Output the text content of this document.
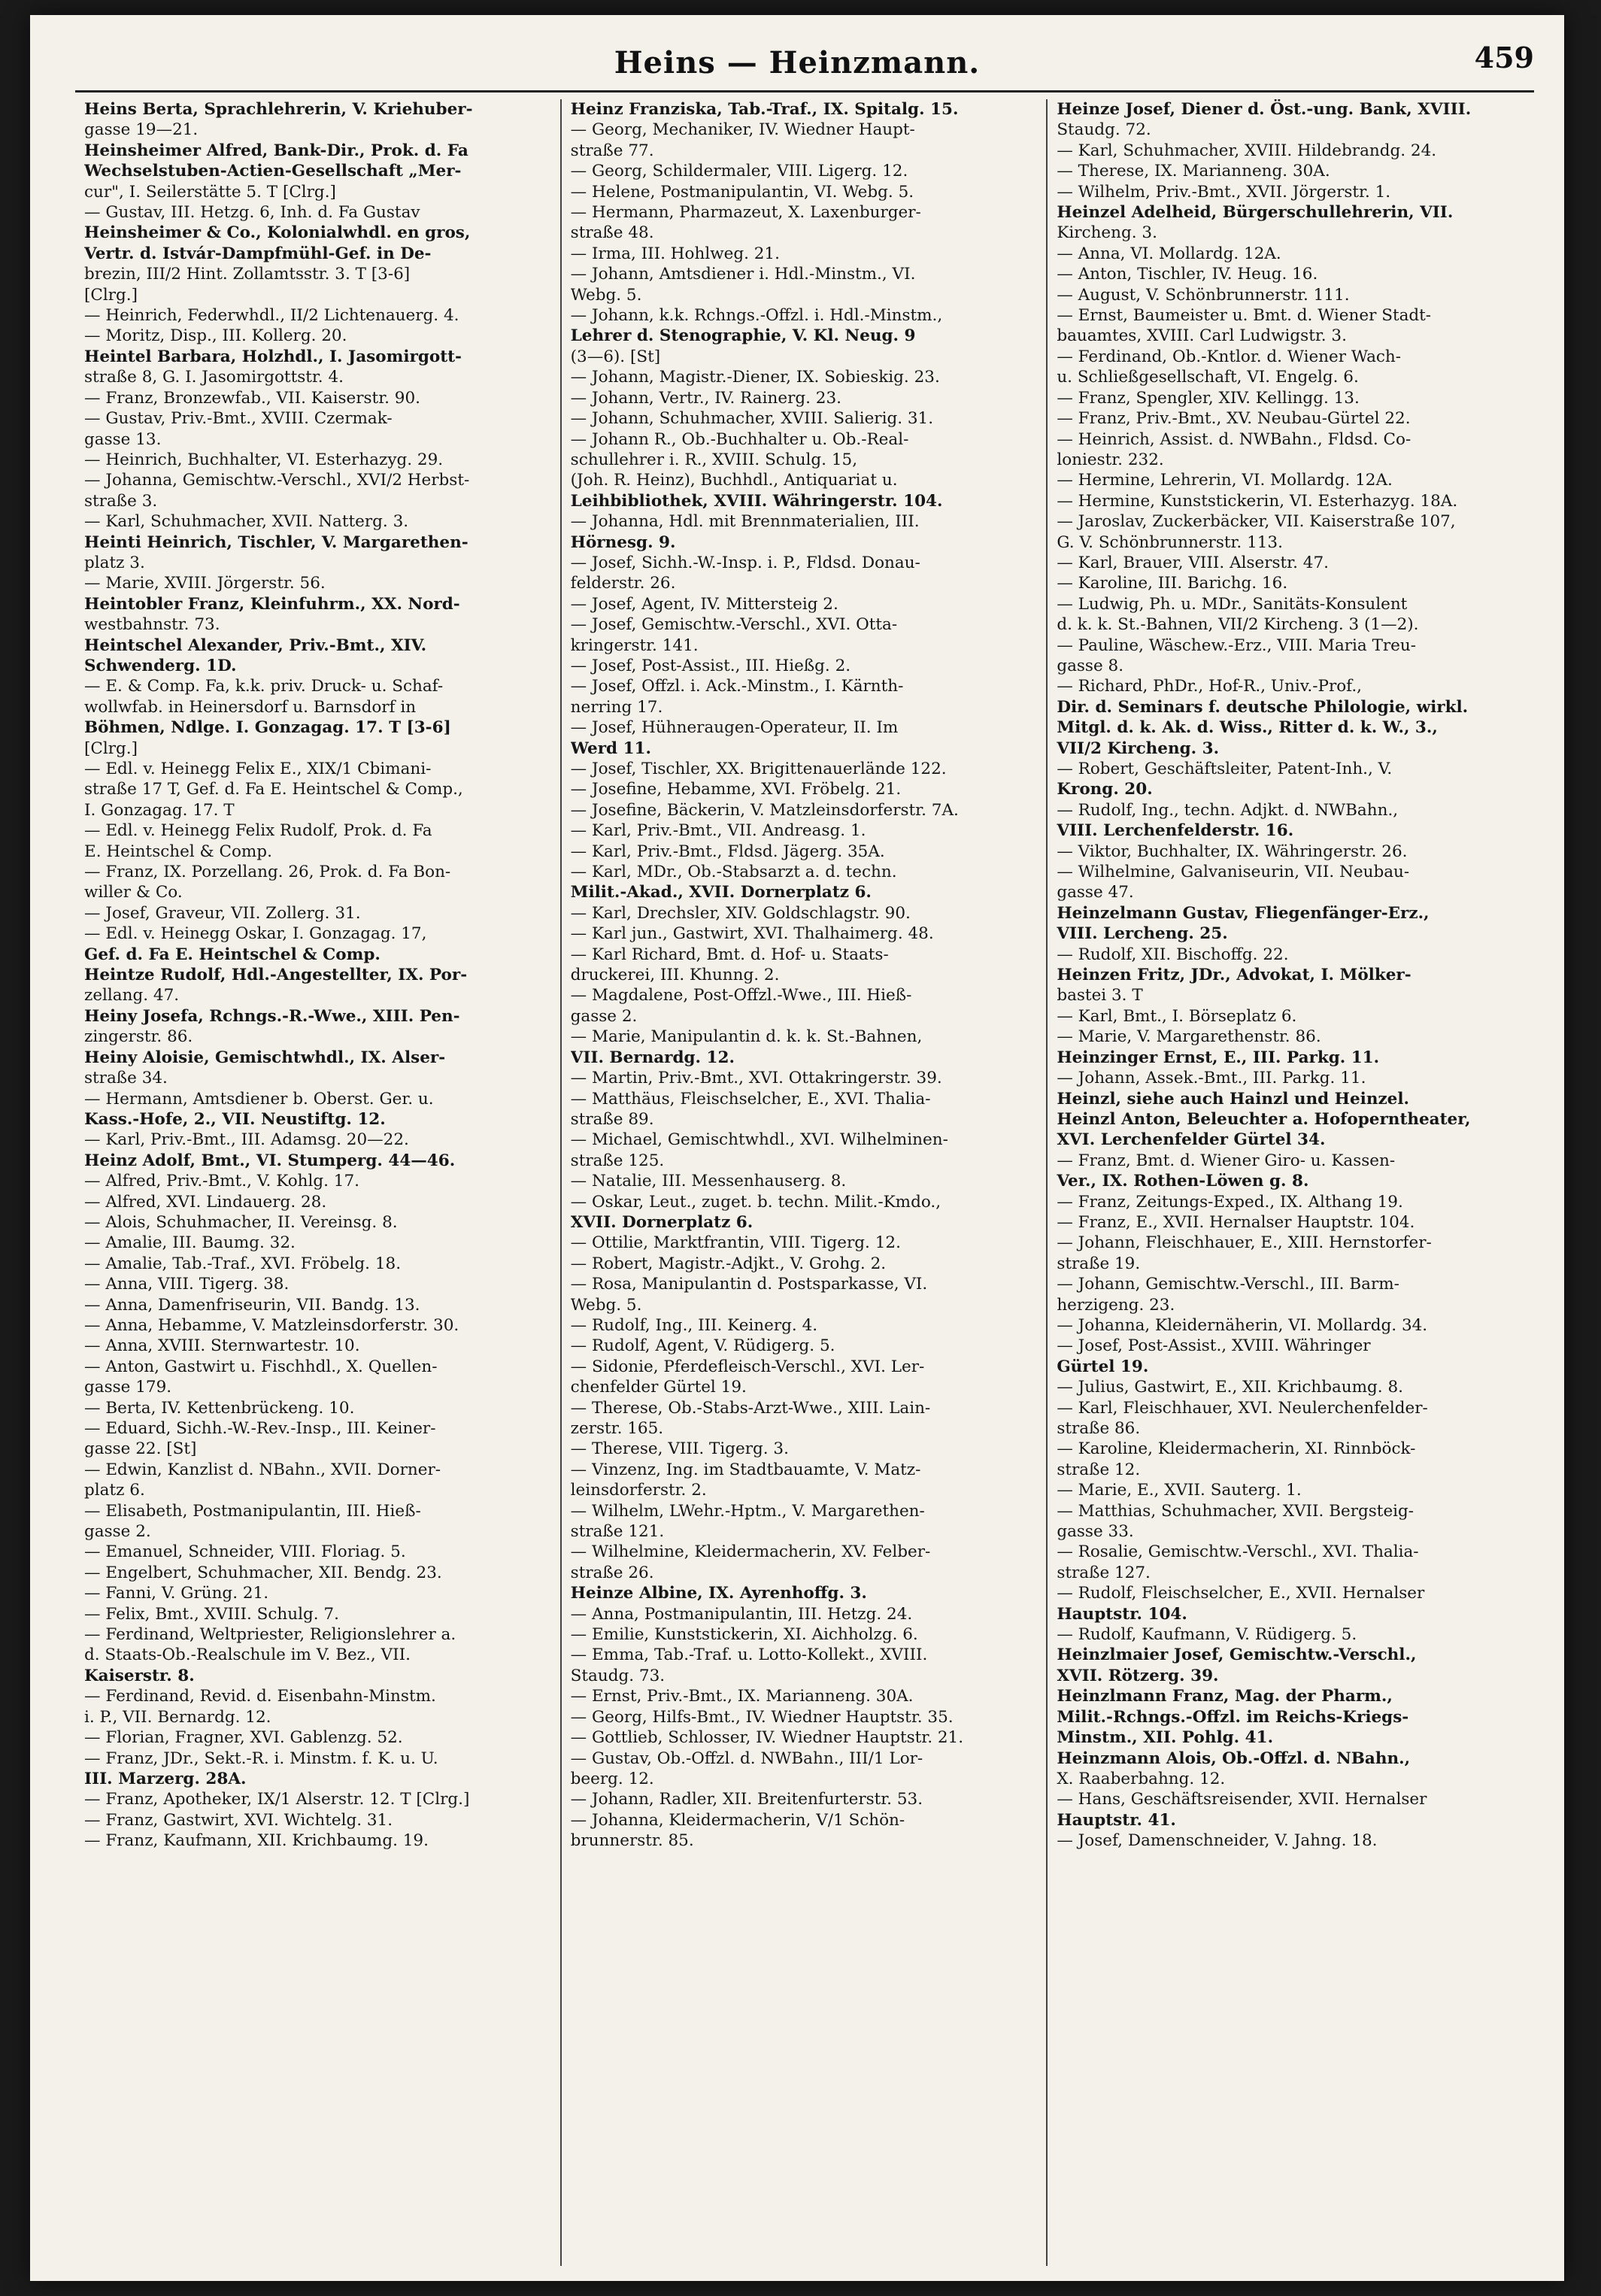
Heins — Heinzmann.	459
Heins Berta, Sprachlehrerin, V. Kriehuber-
gasse 19—21.
Heinsheimer Alfred, Bank-Dir., Prok. d. Fa
Wechselstuben-Actien-Gesellschaft „Mer-
cur", I. Seilerstätte 5. T [Clrg.]
— Gustav, III. Hetzg. 6, Inh. d. Fa Gustav
Heinsheimer & Co., Kolonialwhdl. en gros,
Vertr. d. Istvár-Dampfmühl-Gef. in De-
brezin, III/2 Hint. Zollamtsstr. 3. T [3-6]
[Clrg.]
— Heinrich, Federwhdl., II/2 Lichtenauerg. 4.
— Moritz, Disp., III. Kollerg. 20.
Heintel Barbara, Holzhdl., I. Jasomirgott-
straße 8, G. I. Jasomirgottstr. 4.
— Franz, Bronzewfab., VII. Kaiserstr. 90.
— Gustav, Priv.-Bmt., XVIII. Czermak-
gasse 13.
— Heinrich, Buchhalter, VI. Esterhazyg. 29.
— Johanna, Gemischtw.-Verschl., XVI/2 Herbst-
straße 3.
— Karl, Schuhmacher, XVII. Natterg. 3.
Heinti Heinrich, Tischler, V. Margarethen-
platz 3.
— Marie, XVIII. Jörgerstr. 56.
Heintobler Franz, Kleinfuhrm., XX. Nord-
westbahnstr. 73.
Heintschel Alexander, Priv.-Bmt., XIV.
Schwenderg. 1D.
— E. & Comp. Fa, k.k. priv. Druck- u. Schaf-
wollwfab. in Heinersdorf u. Barnsdorf in
Böhmen, Ndlge. I. Gonzagag. 17. T [3-6]
[Clrg.]
— Edl. v. Heinegg Felix E., XIX/1 Cbimani-
straße 17 T, Gef. d. Fa E. Heintschel & Comp.,
I. Gonzagag. 17. T
— Edl. v. Heinegg Felix Rudolf, Prok. d. Fa
E. Heintschel & Comp.
— Franz, IX. Porzellang. 26, Prok. d. Fa Bon-
willer & Co.
— Josef, Graveur, VII. Zollerg. 31.
— Edl. v. Heinegg Oskar, I. Gonzagag. 17,
Gef. d. Fa E. Heintschel & Comp.
Heintze Rudolf, Hdl.-Angestellter, IX. Por-
zellang. 47.
Heiny Josefa, Rchngs.-R.-Wwe., XIII. Pen-
zingerstr. 86.
Heiny Aloisie, Gemischtwhdl., IX. Alser-
straße 34.
— Hermann, Amtsdiener b. Oberst. Ger. u.
Kass.-Hofe, 2., VII. Neustiftg. 12.
— Karl, Priv.-Bmt., III. Adamsg. 20—22.
Heinz Adolf, Bmt., VI. Stumperg. 44—46.
— Alfred, Priv.-Bmt., V. Kohlg. 17.
— Alfred, XVI. Lindauerg. 28.
— Alois, Schuhmacher, II. Vereinsg. 8.
— Amalie, III. Baumg. 32.
— Amalie, Tab.-Traf., XVI. Fröbelg. 18.
— Anna, VIII. Tigerg. 38.
— Anna, Damenfriseurin, VII. Bandg. 13.
— Anna, Hebamme, V. Matzleinsdorferstr. 30.
— Anna, XVIII. Sternwartestr. 10.
— Anton, Gastwirt u. Fischhdl., X. Quellen-
gasse 179.
— Berta, IV. Kettenbrückeng. 10.
— Eduard, Sichh.-W.-Rev.-Insp., III. Keiner-
gasse 22. [St]
— Edwin, Kanzlist d. NBahn., XVII. Dorner-
platz 6.
— Elisabeth, Postmanipulantin, III. Hieß-
gasse 2.
— Emanuel, Schneider, VIII. Floriag. 5.
— Engelbert, Schuhmacher, XII. Bendg. 23.
— Fanni, V. Grüng. 21.
— Felix, Bmt., XVIII. Schulg. 7.
— Ferdinand, Weltpriester, Religionslehrer a.
d. Staats-Ob.-Realschule im V. Bez., VII.
Kaiserstr. 8.
— Ferdinand, Revid. d. Eisenbahn-Minstm.
i. P., VII. Bernardg. 12.
— Florian, Fragner, XVI. Gablenzg. 52.
— Franz, JDr., Sekt.-R. i. Minstm. f. K. u. U.
III. Marzerg. 28A.
— Franz, Apotheker, IX/1 Alserstr. 12. T [Clrg.]
— Franz, Gastwirt, XVI. Wichtelg. 31.
— Franz, Kaufmann, XII. Krichbaumg. 19.
Heinz Franziska, Tab.-Traf., IX. Spitalg. 15.
— Georg, Mechaniker, IV. Wiedner Haupt-
straße 77.
— Georg, Schildermaler, VIII. Ligerg. 12.
— Helene, Postmanipulantin, VI. Webg. 5.
— Hermann, Pharmazeut, X. Laxenburger-
straße 48.
— Irma, III. Hohlweg. 21.
— Johann, Amtsdiener i. Hdl.-Minstm., VI.
Webg. 5.
— Johann, k.k. Rchngs.-Offzl. i. Hdl.-Minstm.,
Lehrer d. Stenographie, V. Kl. Neug. 9
(3—6). [St]
— Johann, Magistr.-Diener, IX. Sobieskig. 23.
— Johann, Vertr., IV. Rainerg. 23.
— Johann, Schuhmacher, XVIII. Salierig. 31.
— Johann R., Ob.-Buchhalter u. Ob.-Real-
schullehrer i. R., XVIII. Schulg. 15,
(Joh. R. Heinz), Buchhdl., Antiquariat u.
Leihbibliothek, XVIII. Währingerstr. 104.
— Johanna, Hdl. mit Brennmaterialien, III.
Hörnesg. 9.
— Josef, Sichh.-W.-Insp. i. P., Fldsd. Donau-
felderstr. 26.
— Josef, Agent, IV. Mittersteig 2.
— Josef, Gemischtw.-Verschl., XVI. Otta-
kringerstr. 141.
— Josef, Post-Assist., III. Hießg. 2.
— Josef, Offzl. i. Ack.-Minstm., I. Kärnth-
nerring 17.
— Josef, Hühneraugen-Operateur, II. Im
Werd 11.
— Josef, Tischler, XX. Brigittenauerlände 122.
— Josefine, Hebamme, XVI. Fröbelg. 21.
— Josefine, Bäckerin, V. Matzleinsdorferstr. 7A.
— Karl, Priv.-Bmt., VII. Andreasg. 1.
— Karl, Priv.-Bmt., Fldsd. Jägerg. 35A.
— Karl, MDr., Ob.-Stabsarzt a. d. techn.
Milit.-Akad., XVII. Dornerplatz 6.
— Karl, Drechsler, XIV. Goldschlagstr. 90.
— Karl jun., Gastwirt, XVI. Thalhaimerg. 48.
— Karl Richard, Bmt. d. Hof- u. Staats-
druckerei, III. Khunng. 2.
— Magdalene, Post-Offzl.-Wwe., III. Hieß-
gasse 2.
— Marie, Manipulantin d. k. k. St.-Bahnen,
VII. Bernardg. 12.
— Martin, Priv.-Bmt., XVI. Ottakringerstr. 39.
— Matthäus, Fleischselcher, E., XVI. Thalia-
straße 89.
— Michael, Gemischtwhdl., XVI. Wilhelminen-
straße 125.
— Natalie, III. Messenhauserg. 8.
— Oskar, Leut., zuget. b. techn. Milit.-Kmdo.,
XVII. Dornerplatz 6.
— Ottilie, Marktfrantin, VIII. Tigerg. 12.
— Robert, Magistr.-Adjkt., V. Grohg. 2.
— Rosa, Manipulantin d. Postsparkasse, VI.
Webg. 5.
— Rudolf, Ing., III. Keinerg. 4.
— Rudolf, Agent, V. Rüdigerg. 5.
— Sidonie, Pferdefleisch-Verschl., XVI. Ler-
chenfelder Gürtel 19.
— Therese, Ob.-Stabs-Arzt-Wwe., XIII. Lain-
zerstr. 165.
— Therese, VIII. Tigerg. 3.
— Vinzenz, Ing. im Stadtbauamte, V. Matz-
leinsdorferstr. 2.
— Wilhelm, LWehr.-Hptm., V. Margarethen-
straße 121.
— Wilhelmine, Kleidermacherin, XV. Felber-
straße 26.
Heinze Albine, IX. Ayrenhoffg. 3.
— Anna, Postmanipulantin, III. Hetzg. 24.
— Emilie, Kunststickerin, XI. Aichholzg. 6.
— Emma, Tab.-Traf. u. Lotto-Kollekt., XVIII.
Staudg. 73.
— Ernst, Priv.-Bmt., IX. Marianneng. 30A.
— Georg, Hilfs-Bmt., IV. Wiedner Hauptstr. 35.
— Gottlieb, Schlosser, IV. Wiedner Hauptstr. 21.
— Gustav, Ob.-Offzl. d. NWBahn., III/1 Lor-
beerg. 12.
— Johann, Radler, XII. Breitenfurterstr. 53.
— Johanna, Kleidermacherin, V/1 Schön-
brunnerstr. 85.
Heinze Josef, Diener d. Öst.-ung. Bank, XVIII.
Staudg. 72.
— Karl, Schuhmacher, XVIII. Hildebrandg. 24.
— Therese, IX. Marianneng. 30A.
— Wilhelm, Priv.-Bmt., XVII. Jörgerstr. 1.
Heinzel Adelheid, Bürgerschullehrerin, VII.
Kircheng. 3.
— Anna, VI. Mollardg. 12A.
— Anton, Tischler, IV. Heug. 16.
— August, V. Schönbrunnerstr. 111.
— Ernst, Baumeister u. Bmt. d. Wiener Stadt-
bauamtes, XVIII. Carl Ludwigstr. 3.
— Ferdinand, Ob.-Kntlor. d. Wiener Wach-
u. Schließgesellschaft, VI. Engelg. 6.
— Franz, Spengler, XIV. Kellingg. 13.
— Franz, Priv.-Bmt., XV. Neubau-Gürtel 22.
— Heinrich, Assist. d. NWBahn., Fldsd. Co-
loniestr. 232.
— Hermine, Lehrerin, VI. Mollardg. 12A.
— Hermine, Kunststickerin, VI. Esterhazyg. 18A.
— Jaroslav, Zuckerbäcker, VII. Kaiserstraße 107,
G. V. Schönbrunnerstr. 113.
— Karl, Brauer, VIII. Alserstr. 47.
— Karoline, III. Barichg. 16.
— Ludwig, Ph. u. MDr., Sanitäts-Konsulent
d. k. k. St.-Bahnen, VII/2 Kircheng. 3 (1—2).
— Pauline, Wäschew.-Erz., VIII. Maria Treu-
gasse 8.
— Richard, PhDr., Hof-R., Univ.-Prof.,
Dir. d. Seminars f. deutsche Philologie, wirkl.
Mitgl. d. k. Ak. d. Wiss., Ritter d. k. W., 3.,
VII/2 Kircheng. 3.
— Robert, Geschäftsleiter, Patent-Inh., V.
Krong. 20.
— Rudolf, Ing., techn. Adjkt. d. NWBahn.,
VIII. Lerchenfelderstr. 16.
— Viktor, Buchhalter, IX. Währingerstr. 26.
— Wilhelmine, Galvaniseurin, VII. Neubau-
gasse 47.
Heinzelmann Gustav, Fliegenfänger-Erz.,
VIII. Lercheng. 25.
— Rudolf, XII. Bischoffg. 22.
Heinzen Fritz, JDr., Advokat, I. Mölker-
bastei 3. T
— Karl, Bmt., I. Börseplatz 6.
— Marie, V. Margarethenstr. 86.
Heinzinger Ernst, E., III. Parkg. 11.
— Johann, Assek.-Bmt., III. Parkg. 11.
Heinzl, siehe auch Hainzl und Heinzel.
Heinzl Anton, Beleuchter a. Hofoperntheater,
XVI. Lerchenfelder Gürtel 34.
— Franz, Bmt. d. Wiener Giro- u. Kassen-
Ver., IX. Rothen-Löwen g. 8.
— Franz, Zeitungs-Exped., IX. Althang 19.
— Franz, E., XVII. Hernalser Hauptstr. 104.
— Johann, Fleischhauer, E., XIII. Hernstorfer-
straße 19.
— Johann, Gemischtw.-Verschl., III. Barm-
herzigeng. 23.
— Johanna, Kleidernäherin, VI. Mollardg. 34.
— Josef, Post-Assist., XVIII. Währinger
Gürtel 19.
— Julius, Gastwirt, E., XII. Krichbaumg. 8.
— Karl, Fleischhauer, XVI. Neulerchenfelder-
straße 86.
— Karoline, Kleidermacherin, XI. Rinnböck-
straße 12.
— Marie, E., XVII. Sauterg. 1.
— Matthias, Schuhmacher, XVII. Bergsteig-
gasse 33.
— Rosalie, Gemischtw.-Verschl., XVI. Thalia-
straße 127.
— Rudolf, Fleischselcher, E., XVII. Hernalser
Hauptstr. 104.
— Rudolf, Kaufmann, V. Rüdigerg. 5.
Heinzlmaier Josef, Gemischtw.-Verschl.,
XVII. Rötzerg. 39.
Heinzlmann Franz, Mag. der Pharm.,
Milit.-Rchngs.-Offzl. im Reichs-Kriegs-
Minstm., XII. Pohlg. 41.
Heinzmann Alois, Ob.-Offzl. d. NBahn.,
X. Raaberbahng. 12.
— Hans, Geschäftsreisender, XVII. Hernalser
Hauptstr. 41.
— Josef, Damenschneider, V. Jahng. 18.
